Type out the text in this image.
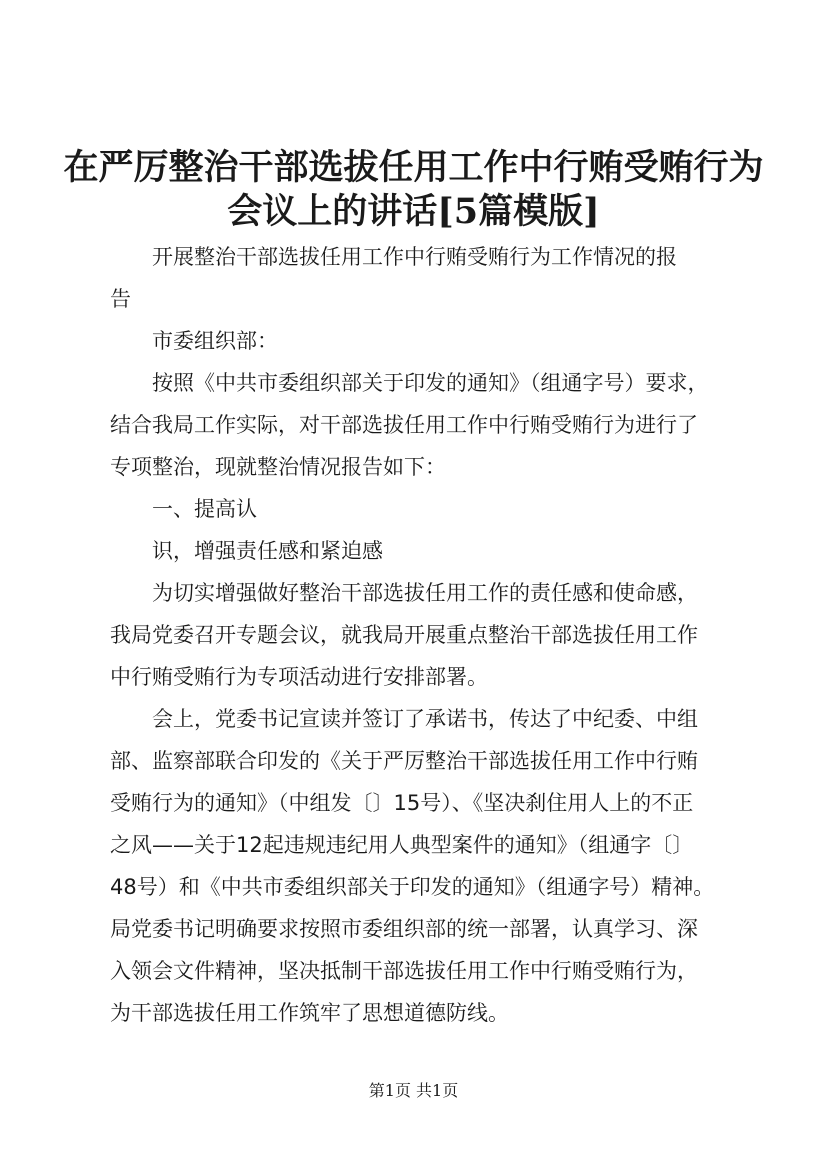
在严厉整治干部选拔任用工作中行贿受贿行为
会议上的讲话[5篇模版]
开展整治干部选拔任用工作中行贿受贿行为工作情况的报
告
市委组织部：
按照《中共市委组织部关于印发的通知》（组通字号）要求，
结合我局工作实际，对干部选拔任用工作中行贿受贿行为进行了
专项整治，现就整治情况报告如下：
一、提高认
识，增强责任感和紧迫感
为切实增强做好整治干部选拔任用工作的责任感和使命感，
我局党委召开专题会议，就我局开展重点整治干部选拔任用工作
中行贿受贿行为专项活动进行安排部署。
会上，党委书记宣读并签订了承诺书，传达了中纪委、中组
部、监察部联合印发的《关于严厉整治干部选拔任用工作中行贿
受贿行为的通知》（中组发〔〕15号）、《坚决刹住用人上的不正
之风——关于12起违规违纪用人典型案件的通知》（组通字〔〕
48号）和《中共市委组织部关于印发的通知》（组通字号）精神。
局党委书记明确要求按照市委组织部的统一部署，认真学习、深
入领会文件精神，坚决抵制干部选拔任用工作中行贿受贿行为，
为干部选拔任用工作筑牢了思想道德防线。
第1页 共1页
